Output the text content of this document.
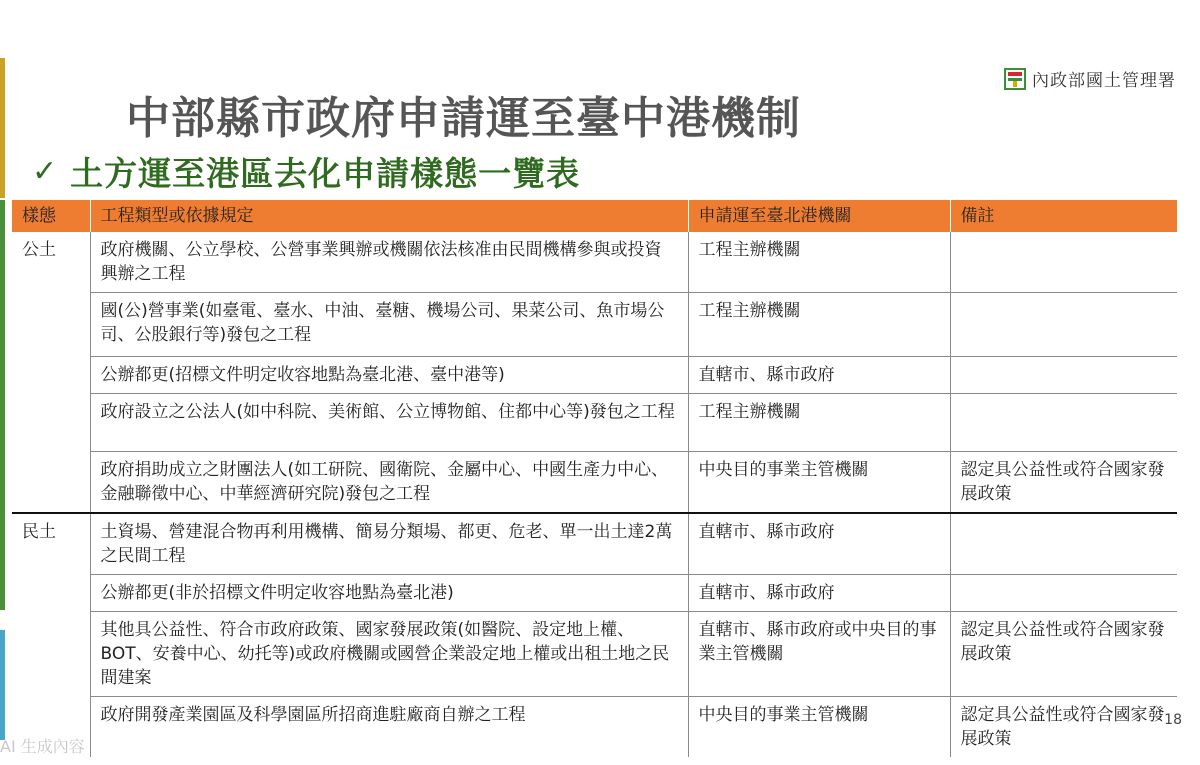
內政部國土管理署
中部縣市政府申請運至臺中港機制
✓ 土方運至港區去化申請樣態一覽表
樣態	工程類型或依據規定	申請運至臺北港機關	備註
公土	政府機關、公立學校、公營事業興辦或機關依法核准由民間機構參與或投資興辦之工程	工程主辦機關	
	國(公)營事業(如臺電、臺水、中油、臺糖、機場公司、果菜公司、魚市場公司、公股銀行等)發包之工程	工程主辦機關	
	公辦都更(招標文件明定收容地點為臺北港、臺中港等)	直轄市、縣市政府	
	政府設立之公法人(如中科院、美術館、公立博物館、住都中心等)發包之工程	工程主辦機關	
	政府捐助成立之財團法人(如工研院、國衛院、金屬中心、中國生產力中心、金融聯徵中心、中華經濟研究院)發包之工程	中央目的事業主管機關	認定具公益性或符合國家發展政策
民土	土資場、營建混合物再利用機構、簡易分類場、都更、危老、單一出土達2萬之民間工程	直轄市、縣市政府	
	公辦都更(非於招標文件明定收容地點為臺北港)	直轄市、縣市政府	
	其他具公益性、符合市政府政策、國家發展政策(如醫院、設定地上權、BOT、安養中心、幼托等)或政府機關或國營企業設定地上權或出租土地之民間建案	直轄市、縣市政府或中央目的事業主管機關	認定具公益性或符合國家發展政策
	政府開發產業園區及科學園區所招商進駐廠商自辦之工程	中央目的事業主管機關	認定具公益性或符合國家發展政策
18
AI 生成內容
